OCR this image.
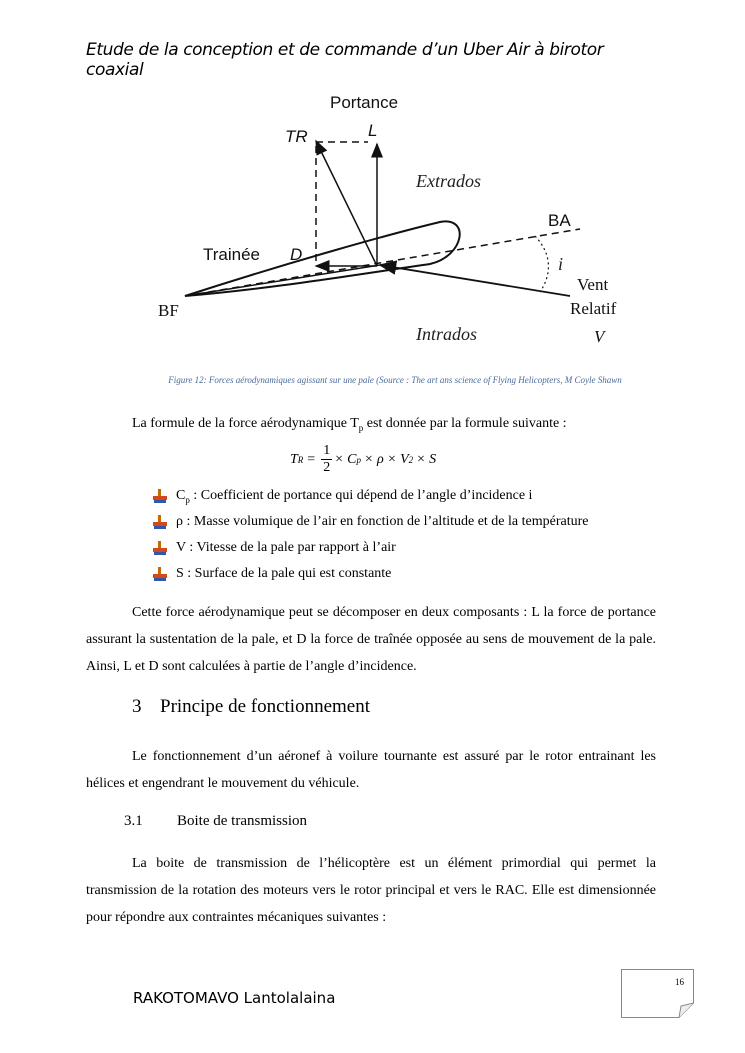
Etude de la conception et de commande d’un Uber Air à birotor coaxial
Portance
TR	L
Extrados
BA
Trainée D	i
Vent
Relatif
V
BF
Intrados
Figure 12: Forces aérodynamiques agissant sur une pale (Source : The art ans science of Flying Helicopters, M Coyle Shawn
La formule de la force aérodynamique $T_p$ est donnée par la formule suivante :
T $R = \frac{1}{2} \times C$ p × ρ × V 2 × S
$C_p$ : Coefficient de portance qui dépend de l’angle d’incidence i
ρ : Masse volumique de l’air en fonction de l’altitude et de la température
V : Vitesse de la pale par rapport à l’air
S : Surface de la pale qui est constante
Cette force aérodynamique peut se décomposer en deux composants : L la force de portance assurant la sustentation de la pale, et D la force de traînée opposée au sens de mouvement de la pale. Ainsi, L et D sont calculées à partie de l’angle d’incidence.
3 Principe de fonctionnement
Le fonctionnement d’un aéronef à voilure tournante est assuré par le rotor entrainant les hélices et engendrant le mouvement du véhicule.
3.1 Boite de transmission
La boite de transmission de l’hélicoptère est un élément primordial qui permet la transmission de la rotation des moteurs vers le rotor principal et vers le RAC. Elle est dimensionnée pour répondre aux contraintes mécaniques suivantes :
RAKOTOMAVO Lantolalaina
16
